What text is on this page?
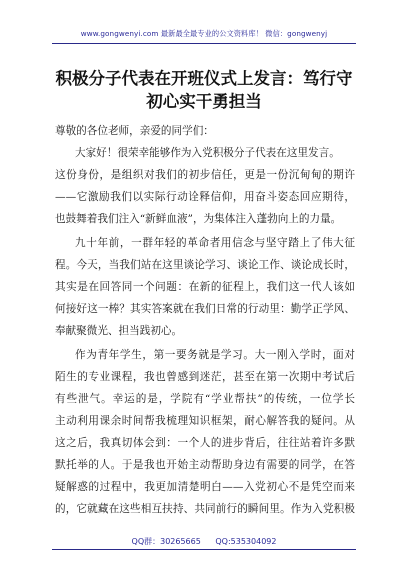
www.gongwenyi.com 最新最全最专业的公文资料库！ 微信：gongwenyj
积极分子代表在开班仪式上发言：笃行守
初心实干勇担当
尊敬的各位老师，亲爱的同学们：
大家好！很荣幸能够作为入党积极分子代表在这里发言。
这份身份，是组织对我们的初步信任，更是一份沉甸甸的期许
——它激励我们以实际行动诠释信仰，用奋斗姿态回应期待，
也鼓舞着我们注入“新鲜血液”，为集体注入蓬勃向上的力量。
九十年前，一群年轻的革命者用信念与坚守踏上了伟大征
程。今天，当我们站在这里谈论学习、谈论工作、谈论成长时，
其实是在回答同一个问题：在新的征程上，我们这一代人该如
何接好这一棒？其实答案就在我们日常的行动里：勤学正学风、
奉献聚微光、担当践初心。
作为青年学生，第一要务就是学习。大一刚入学时，面对
陌生的专业课程，我也曾感到迷茫，甚至在第一次期中考试后
有些泄气。幸运的是，学院有“学业帮扶”的传统，一位学长
主动利用课余时间帮我梳理知识框架，耐心解答我的疑问。从
这之后，我真切体会到：一个人的进步背后，往往站着许多默
默托举的人。于是我也开始主动帮助身边有需要的同学，在答
疑解惑的过程中，我更加清楚明白——入党初心不是凭空而来
的，它就藏在这些相互扶持、共同前行的瞬间里。作为入党积极
QQ群：30265665 QQ:535304092
